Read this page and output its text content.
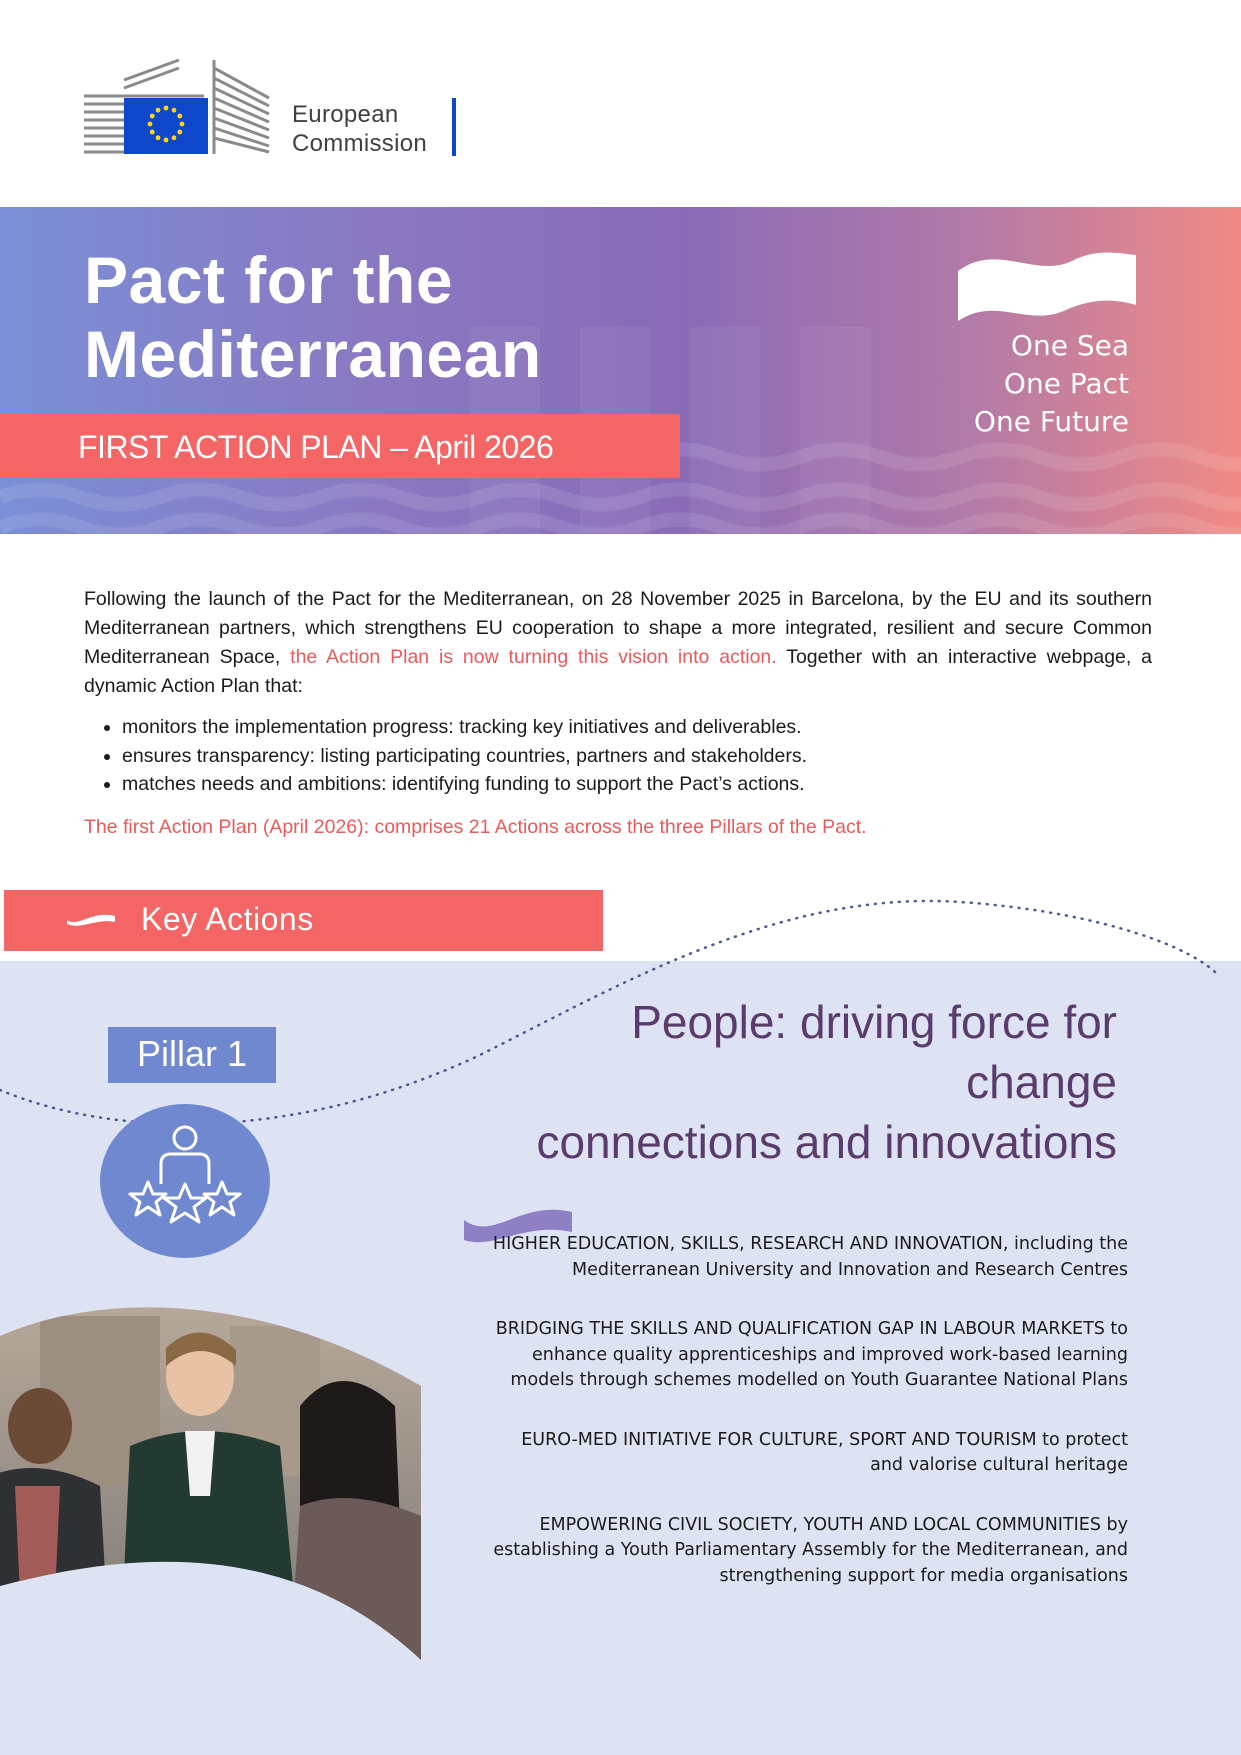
European
Commission
Pact for the
Mediterranean
FIRST ACTION PLAN – April 2026
One Sea
One Pact
One Future

Following the launch of the Pact for the Mediterranean, on 28 November 2025 in Barcelona, by the EU and its southern Mediterranean partners, which strengthens EU cooperation to shape a more integrated, resilient and secure Common Mediterranean Space, the Action Plan is now turning this vision into action. Together with an interactive webpage, a dynamic Action Plan that:

• monitors the implementation progress: tracking key initiatives and deliverables.
• ensures transparency: listing participating countries, partners and stakeholders.
• matches needs and ambitions: identifying funding to support the Pact’s actions.
The first Action Plan (April 2026): comprises 21 Actions across the three Pillars of the Pact.
Key Actions
Pillar 1
People: driving force for
change
connections and innovations

HIGHER EDUCATION, SKILLS, RESEARCH AND INNOVATION, including the Mediterranean University and Innovation and Research Centres

BRIDGING THE SKILLS AND QUALIFICATION GAP IN LABOUR MARKETS to enhance quality apprenticeships and improved work-based learning models through schemes modelled on Youth Guarantee National Plans

EURO-MED INITIATIVE FOR CULTURE, SPORT AND TOURISM to protect and valorise cultural heritage

EMPOWERING CIVIL SOCIETY, YOUTH AND LOCAL COMMUNITIES by establishing a Youth Parliamentary Assembly for the Mediterranean, and strengthening support for media organisations
